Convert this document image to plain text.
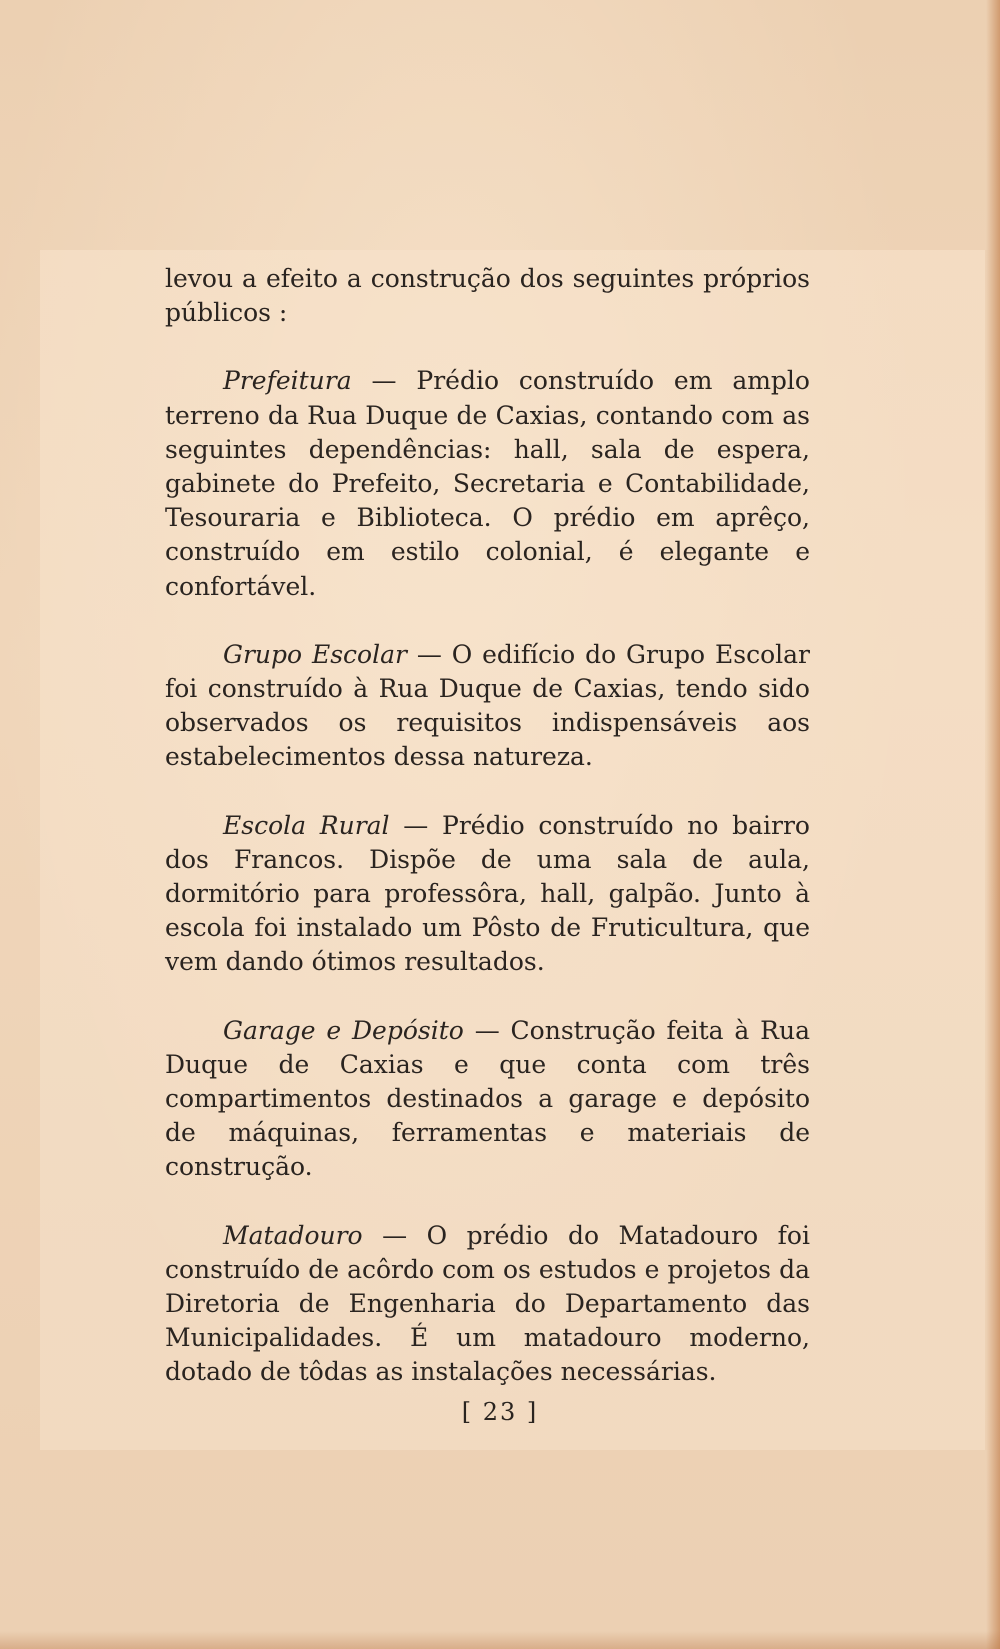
levou a efeito a construção dos seguintes próprios públicos :

Prefeitura — Prédio construído em amplo terreno da Rua Duque de Caxias, contando com as seguintes dependências: hall, sala de espera, gabinete do Prefeito, Secretaria e Contabilidade, Tesouraria e Biblioteca. O prédio em aprêço, construído em estilo colonial, é elegante e confortável.

Grupo Escolar — O edifício do Grupo Escolar foi construído à Rua Duque de Caxias, tendo sido observados os requisitos indispensáveis aos estabelecimentos dessa natureza.

Escola Rural — Prédio construído no bairro dos Francos. Dispõe de uma sala de aula, dormitório para professôra, hall, galpão. Junto à escola foi instalado um Pôsto de Fruticultura, que vem dando ótimos resultados.

Garage e Depósito — Construção feita à Rua Duque de Caxias e que conta com três compartimentos destinados a garage e depósito de máquinas, ferramentas e materiais de construção.

Matadouro — O prédio do Matadouro foi construído de acôrdo com os estudos e projetos da Diretoria de Engenharia do Departamento das Municipalidades. É um matadouro moderno, dotado de tôdas as instalações necessárias.

[ 23 ]
